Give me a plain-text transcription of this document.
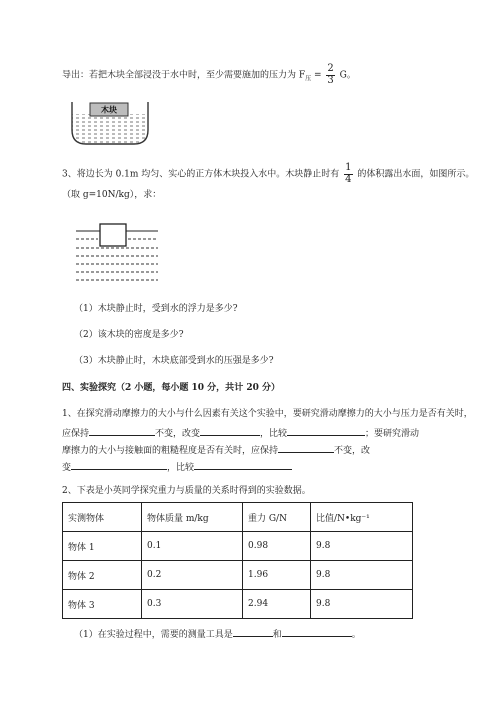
导出：若把木块全部浸没于水中时，至少需要施加的压力为 $F_压 = \frac{2}{3}$ G。
木块
3、将边长为 0.1m 均匀、实心的正方体木块投入水中。木块静止时有 $\frac{1}{4}$ 的体积露出水面，如图所示。
（取 g=10N/kg），求：
（1）木块静止时，受到水的浮力是多少?
（2）该木块的密度是多少?
（3）木块静止时，木块底部受到水的压强是多少?
四、实验探究（2 小题，每小题 10 分，共计 20 分）
1、在探究滑动摩擦力的大小与什么因素有关这个实验中，要研究滑动摩擦力的大小与压力是否有关时，
应保持	不变，改变	，比较	；要研究滑动
摩擦力的大小与接触面的粗糙程度是否有关时，应保持	不变，改
变	，比较
2、下表是小英同学探究重力与质量的关系时得到的实验数据。
实测物体	物体质量 m/kg	重力 G/N	比值/N•kg⁻¹
物体 1	0.1	0.98	9.8
物体 2	0.2	1.96	9.8
物体 3	0.3	2.94	9.8
（1）在实验过程中，需要的测量工具是	和	。
